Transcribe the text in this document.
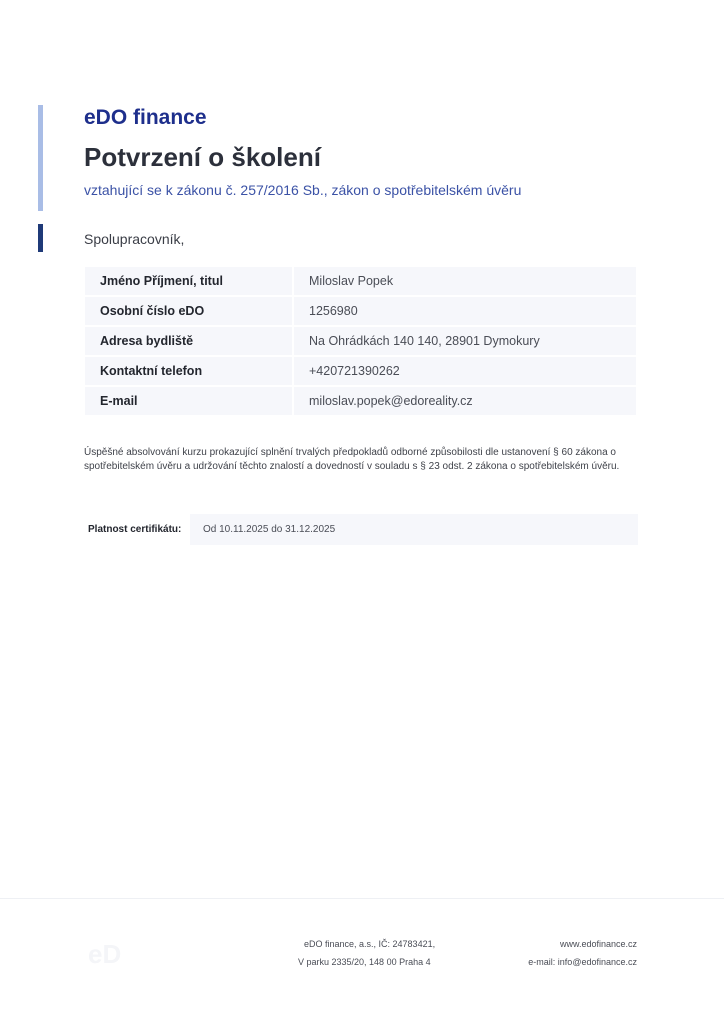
eDO finance
Potvrzení o školení
vztahující se k zákonu č. 257/2016 Sb., zákon o spotřebitelském úvěru
Spolupracovník,
Jméno Příjmení, titul	Miloslav Popek
Osobní číslo eDO	1256980
Adresa bydliště	Na Ohrádkách 140 140, 28901 Dymokury
Kontaktní telefon	+420721390262
E-mail	miloslav.popek@edoreality.cz
Úspěšné absolvování kurzu prokazující splnění trvalých předpokladů odborné způsobilosti dle ustanovení § 60 zákona o spotřebitelském úvěru a udržování těchto znalostí a dovedností v souladu s § 23 odst. 2 zákona o spotřebitelském úvěru.
Platnost certifikátu: Od 10.11.2025 do 31.12.2025
eD	eDO finance, a.s., IČ: 24783421,
V parku 2335/20, 148 00 Praha 4
www.edofinance.cz
e-mail: info@edofinance.cz
